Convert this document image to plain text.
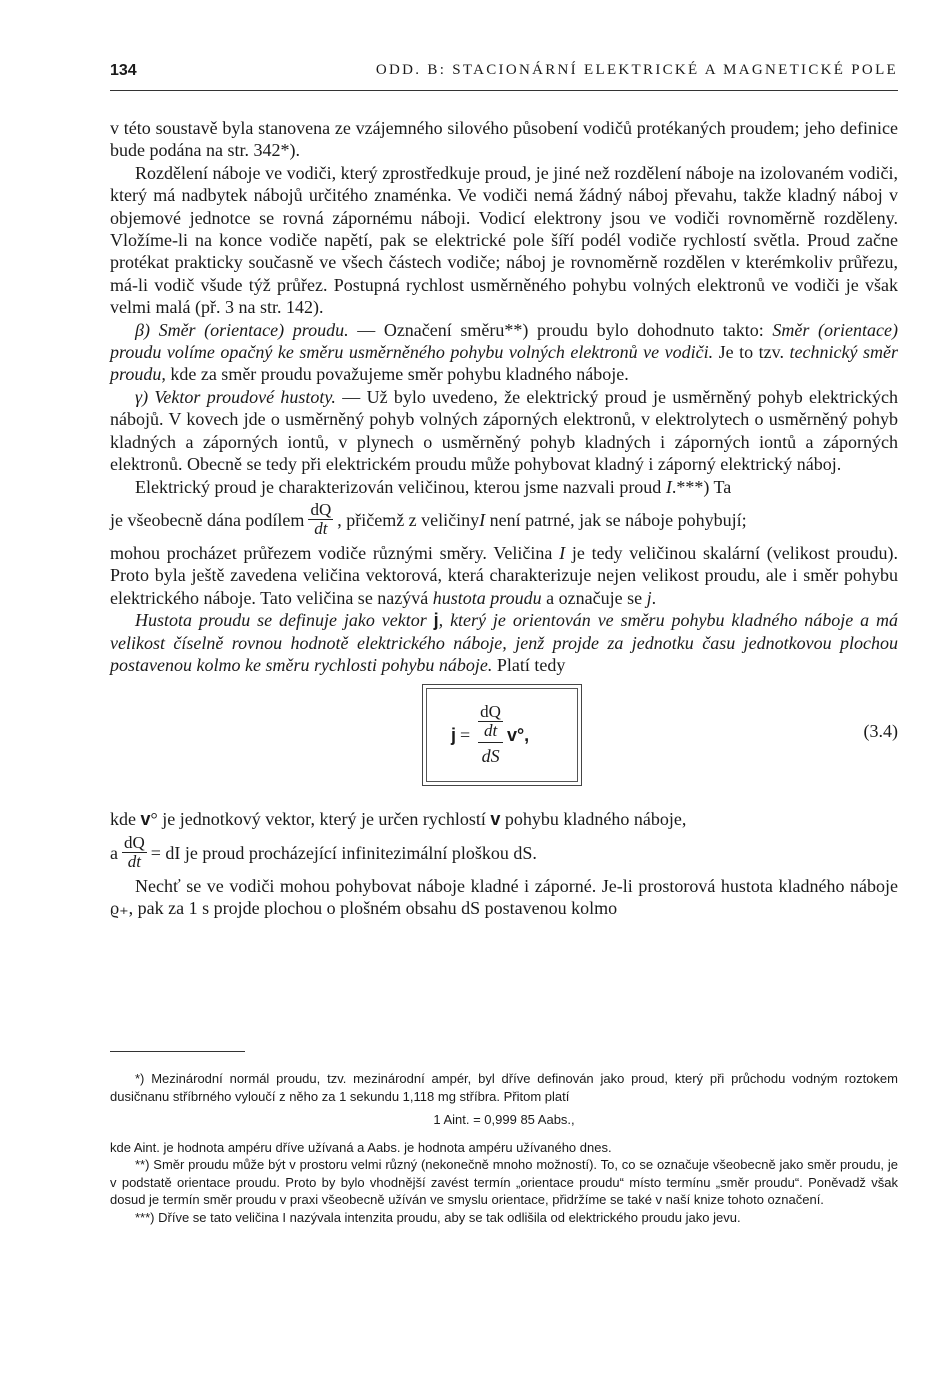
134	ODD. B: STACIONÁRNÍ ELEKTRICKÉ A MAGNETICKÉ POLE

v této soustavě byla stanovena ze vzájemného silového působení vodičů protékaných proudem; jeho definice bude podána na str. 342*).

Rozdělení náboje ve vodiči, který zprostředkuje proud, je jiné než rozdělení náboje na izolovaném vodiči, který má nadbytek nábojů určitého znaménka. Ve vodiči nemá žádný náboj převahu, takže kladný náboj v objemové jednotce se rovná zápornému náboji. Vodicí elektrony jsou ve vodiči rovnoměrně rozděleny. Vložíme-li na konce vodiče napětí, pak se elektrické pole šíří podél vodiče rychlostí světla. Proud začne protékat prakticky současně ve všech částech vodiče; náboj je rovnoměrně rozdělen v kterémkoliv průřezu, má-li vodič všude týž průřez. Postupná rychlost usměrněného pohybu volných elektronů ve vodiči je však velmi malá (př. 3 na str. 142).

β) Směr (orientace) proudu. — Označení směru**) proudu bylo dohodnuto takto: Směr (orientace) proudu volíme opačný ke směru usměrněného pohybu volných elektronů ve vodiči. Je to tzv. technický směr proudu, kde za směr proudu považujeme směr pohybu kladného náboje.

γ) Vektor proudové hustoty. — Už bylo uvedeno, že elektrický proud je usměrněný pohyb elektrických nábojů. V kovech jde o usměrněný pohyb volných záporných elektronů, v elektrolytech o usměrněný pohyb kladných a záporných iontů, v plynech o usměrněný pohyb kladných i záporných iontů a záporných elektronů. Obecně se tedy při elektrickém proudu může pohybovat kladný i záporný elektrický náboj.

Elektrický proud je charakterizován veličinou, kterou jsme nazvali proud I.***) Ta

je všeobecně dána podílem $\frac{dQ}{dt}$ , přičemž z veličiny I
není patrné, jak se náboje pohybují;

mohou procházet průřezem vodiče různými směry. Veličina I je tedy veličinou skalární (velikost proudu). Proto byla ještě zavedena veličina vektorová, která charakterizuje nejen velikost proudu, ale i směr pohybu elektrického náboje. Tato veličina se nazývá hustota proudu a označuje se j.

Hustota proudu se definuje jako vektor j, který je orientován ve směru pohybu kladného náboje a má velikost číselně rovnou hodnotě elektrického náboje, jenž projde za jednotku času jednotkovou plochou postavenou kolmo ke směru rychlosti pohybu náboje. Platí tedy

$j = \frac{dQ}{dt}$
dS
v°,	(3.4)

kde v° je jednotkový vektor, který je určen rychlostí v pohybu kladného náboje,

a $\frac{dQ}{dt}$ = dI je proud procházející infinitezimální ploškou dS.

Nechť se ve vodiči mohou pohybovat náboje kladné i záporné. Je-li prostorová hustota kladného náboje ϱ₊, pak za 1 s projde plochou o plošném obsahu dS postavenou kolmo

*) Mezinárodní normál proudu, tzv. mezinárodní ampér, byl dříve definován jako proud, který při průchodu vodným roztokem dusičnanu stříbrného vyloučí z něho za 1 sekundu 1,118 mg stříbra. Přitom platí

1 Aint. = 0,999 85 Aabs.,

kde Aint. je hodnota ampéru dříve užívaná a Aabs. je hodnota ampéru užívaného dnes.

**) Směr proudu může být v prostoru velmi různý (nekonečně mnoho možností). To, co se označuje všeobecně jako směr proudu, je v podstatě orientace proudu. Proto by bylo vhodnější zavést termín „orientace proudu“ místo termínu „směr proudu“. Poněvadž však dosud je termín směr proudu v praxi všeobecně užíván ve smyslu orientace, přidržíme se také v naší knize tohoto označení.

***) Dříve se tato veličina I nazývala intenzita proudu, aby se tak odlišila od elektrického proudu jako jevu.
